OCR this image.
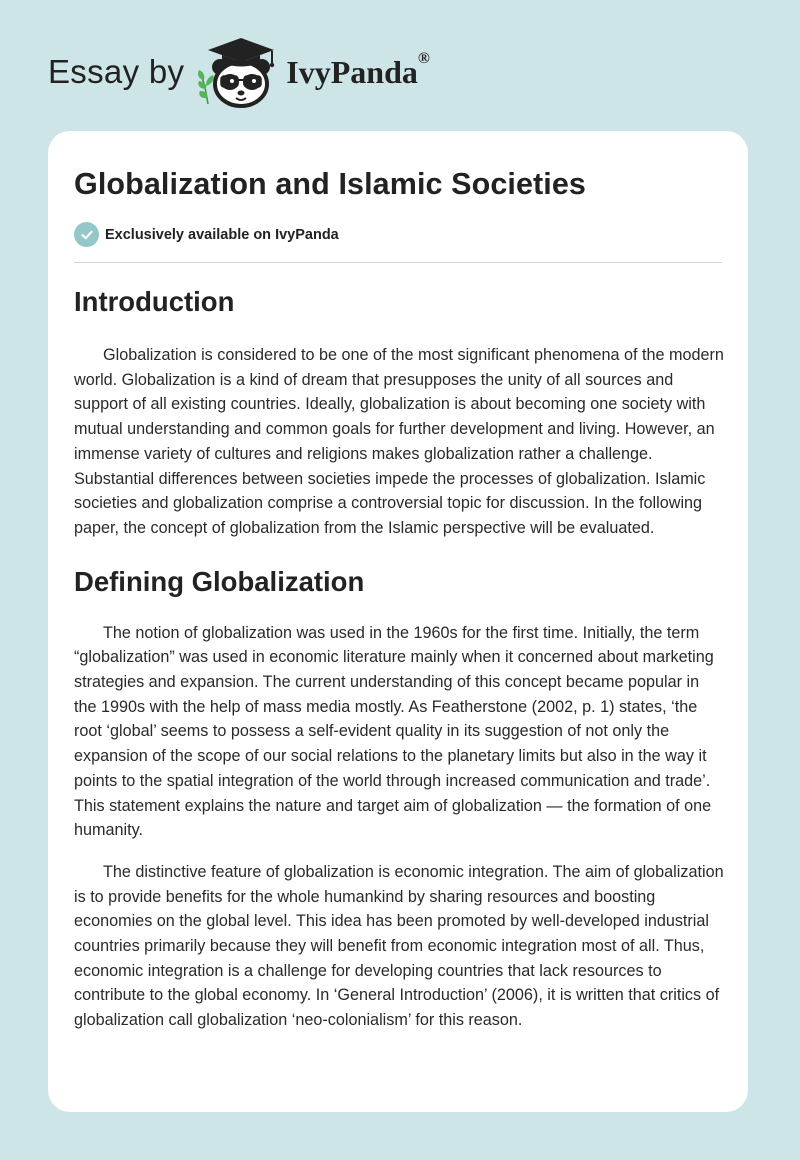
Essay by	IvyPanda®
Globalization and Islamic Societies
Exclusively available on IvyPanda
Introduction

Globalization is considered to be one of the most significant phenomena of the modern world. Globalization is a kind of dream that presupposes the unity of all sources and support of all existing countries. Ideally, globalization is about becoming one society with mutual understanding and common goals for further development and living. However, an immense variety of cultures and religions makes globalization rather a challenge. Substantial differences between societies impede the processes of globalization. Islamic societies and globalization comprise a controversial topic for discussion. In the following paper, the concept of globalization from the Islamic perspective will be evaluated.

Defining Globalization

The notion of globalization was used in the 1960s for the first time. Initially, the term “globalization” was used in economic literature mainly when it concerned about marketing strategies and expansion. The current understanding of this concept became popular in the 1990s with the help of mass media mostly. As Featherstone (2002, p. 1) states, ‘the root ‘global’ seems to possess a self-evident quality in its suggestion of not only the expansion of the scope of our social relations to the planetary limits but also in the way it points to the spatial integration of the world through increased communication and trade’. This statement explains the nature and target aim of globalization — the formation of one humanity.

The distinctive feature of globalization is economic integration. The aim of globalization is to provide benefits for the whole humankind by sharing resources and boosting economies on the global level. This idea has been promoted by well-developed industrial countries primarily because they will benefit from economic integration most of all. Thus, economic integration is a challenge for developing countries that lack resources to contribute to the global economy. In ‘General Introduction’ (2006), it is written that critics of globalization call globalization ‘neo-colonialism’ for this reason.
